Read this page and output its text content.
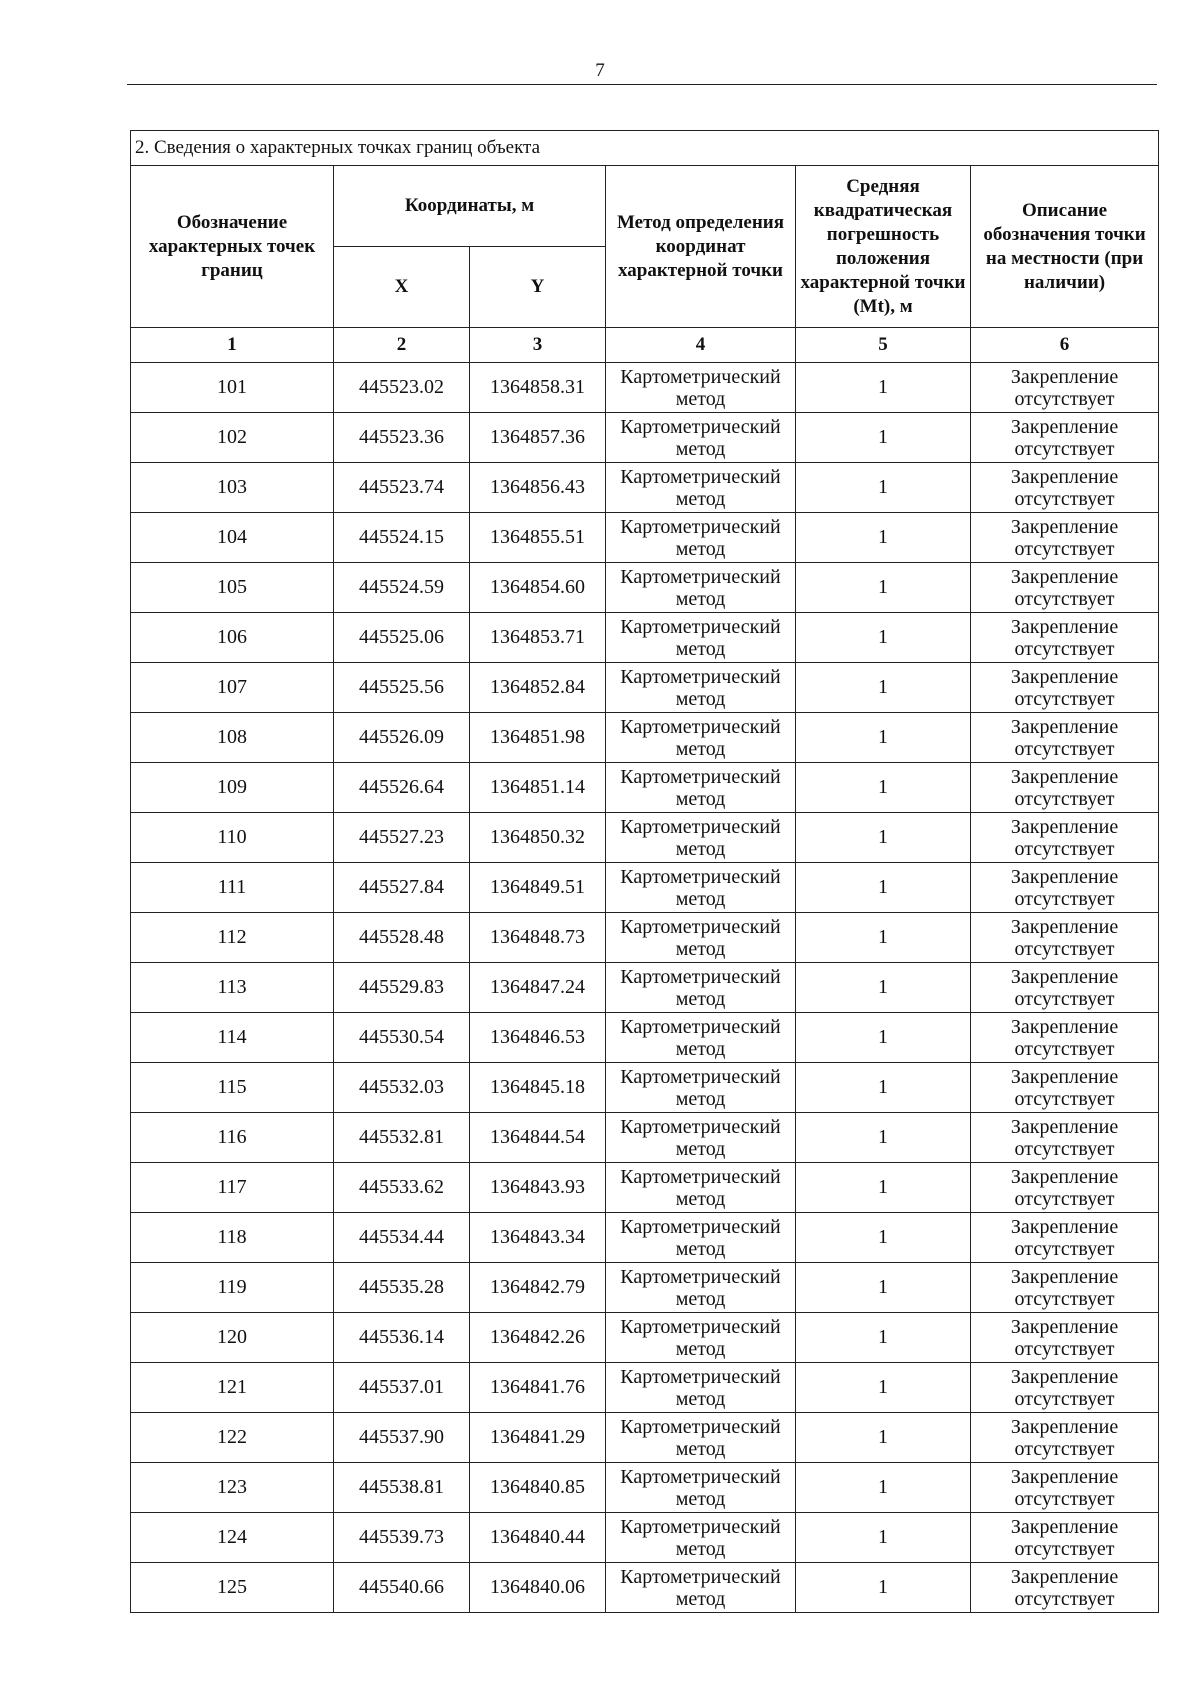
7
2. Сведения о характерных точках границ объекта					
Обозначение характерных точек границ	Координаты, м		Метод определения координат характерной точки	Средняя квадратическая погрешность положения характерной точки (Mt), м	Описание обозначения точки на местности (при наличии)
	X	Y			
1	2	3	4	5	6
101	445523.02	1364858.31	Картометрический метод	1	Закрепление отсутствует
102	445523.36	1364857.36	Картометрический метод	1	Закрепление отсутствует
103	445523.74	1364856.43	Картометрический метод	1	Закрепление отсутствует
104	445524.15	1364855.51	Картометрический метод	1	Закрепление отсутствует
105	445524.59	1364854.60	Картометрический метод	1	Закрепление отсутствует
106	445525.06	1364853.71	Картометрический метод	1	Закрепление отсутствует
107	445525.56	1364852.84	Картометрический метод	1	Закрепление отсутствует
108	445526.09	1364851.98	Картометрический метод	1	Закрепление отсутствует
109	445526.64	1364851.14	Картометрический метод	1	Закрепление отсутствует
110	445527.23	1364850.32	Картометрический метод	1	Закрепление отсутствует
111	445527.84	1364849.51	Картометрический метод	1	Закрепление отсутствует
112	445528.48	1364848.73	Картометрический метод	1	Закрепление отсутствует
113	445529.83	1364847.24	Картометрический метод	1	Закрепление отсутствует
114	445530.54	1364846.53	Картометрический метод	1	Закрепление отсутствует
115	445532.03	1364845.18	Картометрический метод	1	Закрепление отсутствует
116	445532.81	1364844.54	Картометрический метод	1	Закрепление отсутствует
117	445533.62	1364843.93	Картометрический метод	1	Закрепление отсутствует
118	445534.44	1364843.34	Картометрический метод	1	Закрепление отсутствует
119	445535.28	1364842.79	Картометрический метод	1	Закрепление отсутствует
120	445536.14	1364842.26	Картометрический метод	1	Закрепление отсутствует
121	445537.01	1364841.76	Картометрический метод	1	Закрепление отсутствует
122	445537.90	1364841.29	Картометрический метод	1	Закрепление отсутствует
123	445538.81	1364840.85	Картометрический метод	1	Закрепление отсутствует
124	445539.73	1364840.44	Картометрический метод	1	Закрепление отсутствует
125	445540.66	1364840.06	Картометрический метод	1	Закрепление отсутствует
